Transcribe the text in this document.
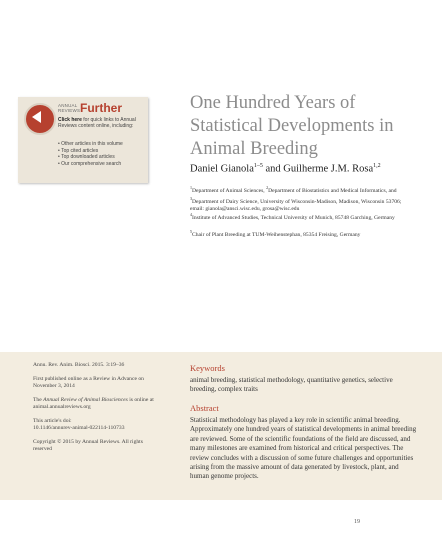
ANNUAL
REVIEWS Further
Click here for quick links to Annual Reviews content online, including:
• Other articles in this volume
• Top cited articles
• Top downloaded articles
• Our comprehensive search
One Hundred Years of
Statistical Developments in
Animal Breeding
Daniel Gianola$^{1-5}$ and Guilherme J.M. Rosa$^{1,2}$
$^1$Department of Animal Sciences, $^2$Department of Biostatistics and Medical Informatics, and $^3$Department of Dairy Science, University of Wisconsin-Madison, Madison, Wisconsin 53706; email: gianola@ansci.wisc.edu, grosa@wisc.edu
$^4$Institute of Advanced Studies, Technical University of Munich, 85748 Garching, Germany
$^5$Chair of Plant Breeding at TUM-Weihenstephan, 85354 Freising, Germany
Annu. Rev. Anim. Biosci. 2015. 3:19–36
First published online as a Review in Advance on November 3, 2014
The Annual Review of Animal Biosciences is online at animal.annualreviews.org
This article's doi:
10.1146/annurev-animal-022114-110733
Copyright © 2015 by Annual Reviews. All rights reserved
Keywords
animal breeding, statistical methodology, quantitative genetics, selective breeding, complex traits
Abstract
Statistical methodology has played a key role in scientific animal breeding. Approximately one hundred years of statistical developments in animal breeding are reviewed. Some of the scientific foundations of the field are discussed, and many milestones are examined from historical and critical perspectives. The review concludes with a discussion of some future challenges and opportunities arising from the massive amount of data generated by livestock, plant, and human genome projects.
19
